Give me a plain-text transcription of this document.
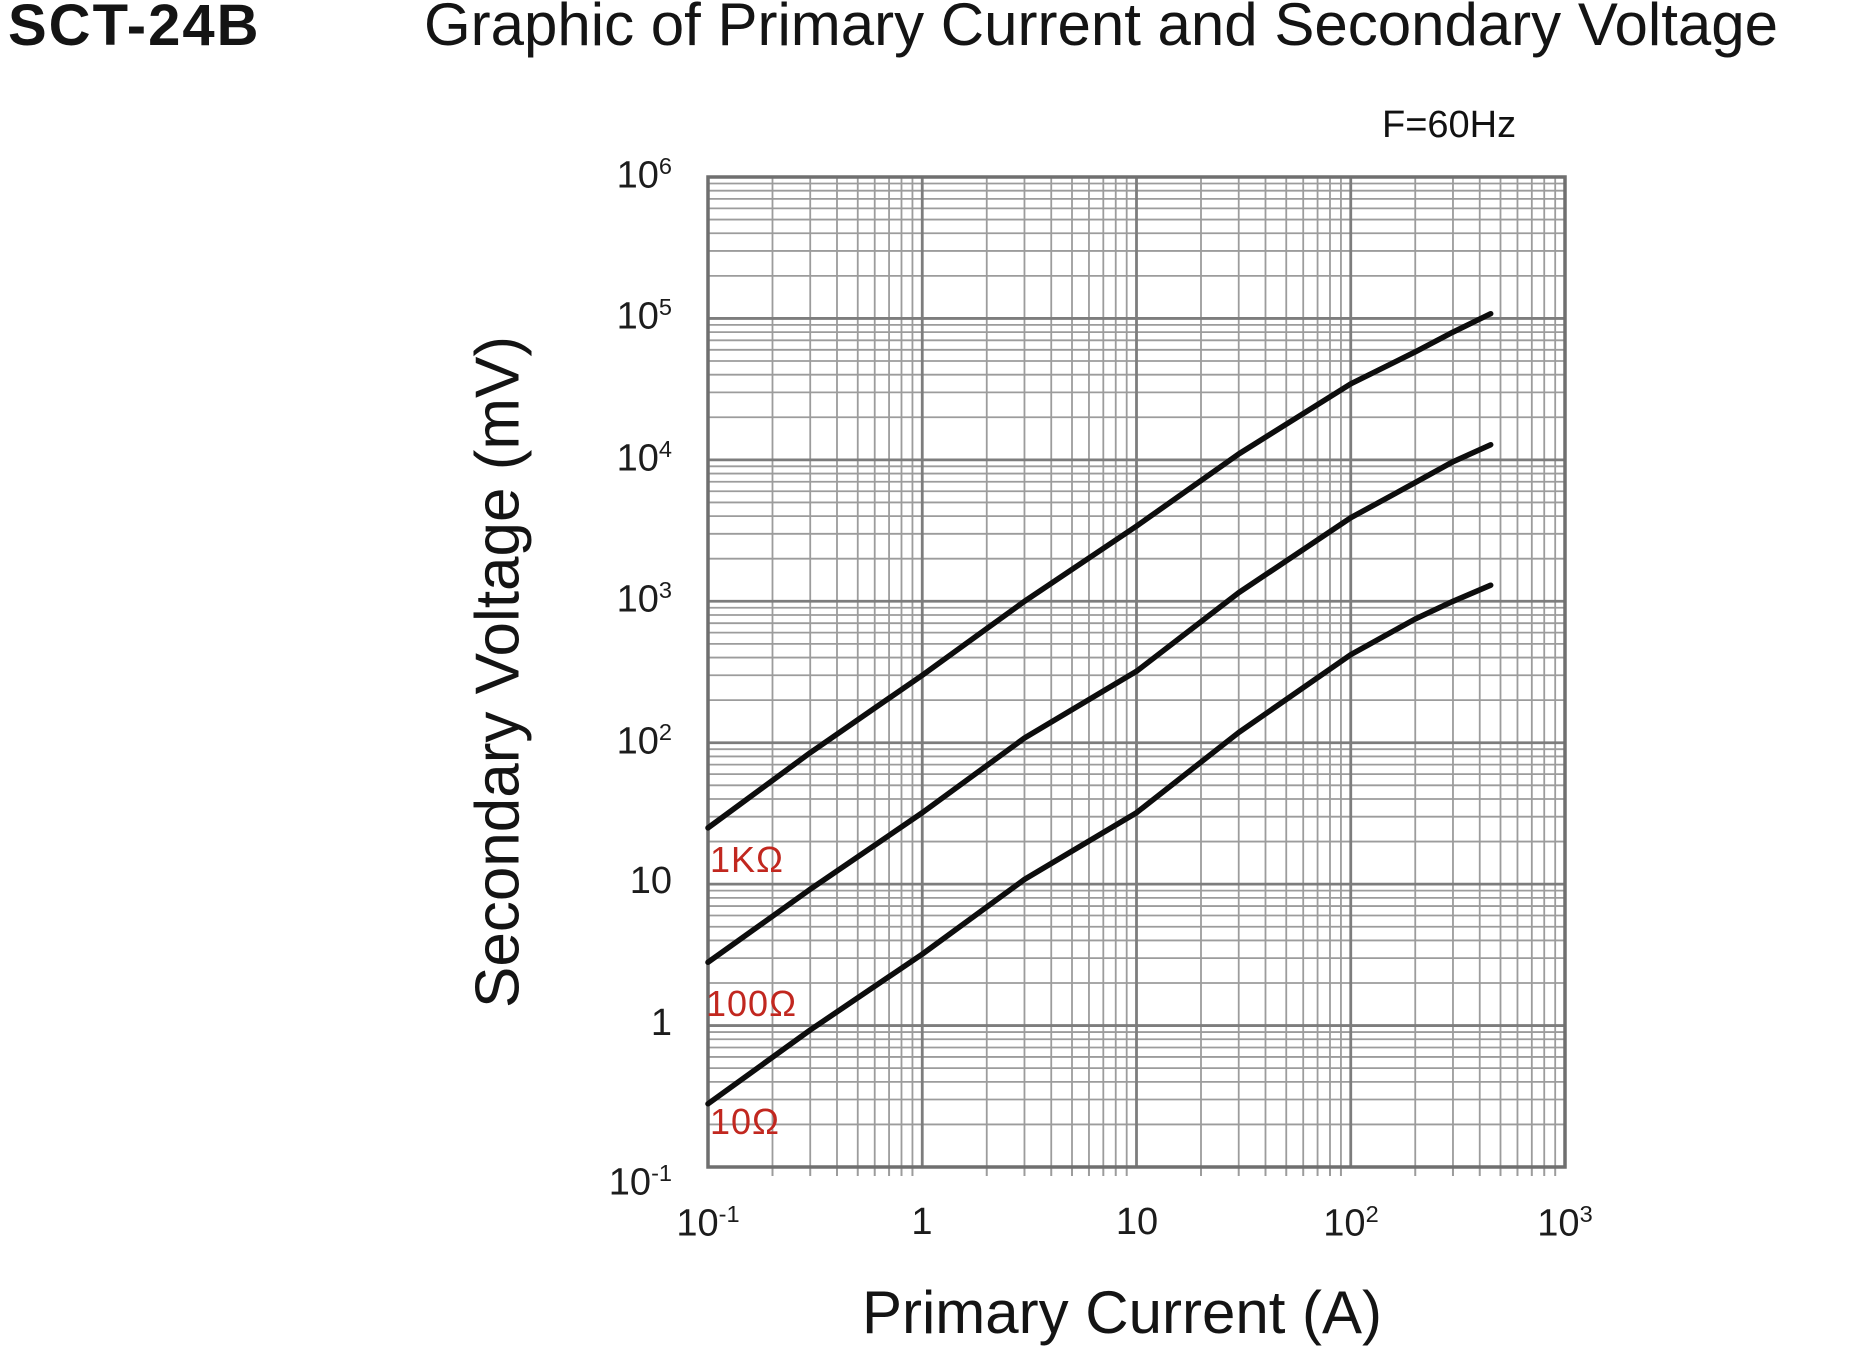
SCT-24B	Graphic of Primary Current and Secondary Voltage
F=60Hz
Secondary Voltage (mV)
Primary Current (A)
$10^6$
$10^5$
$10^4$
$10^3$
$10^2$
10
1
$10^{-1}$
$10^{-1}$	1	10	$10^2$	$10^3$
1KΩ
100Ω
10Ω
